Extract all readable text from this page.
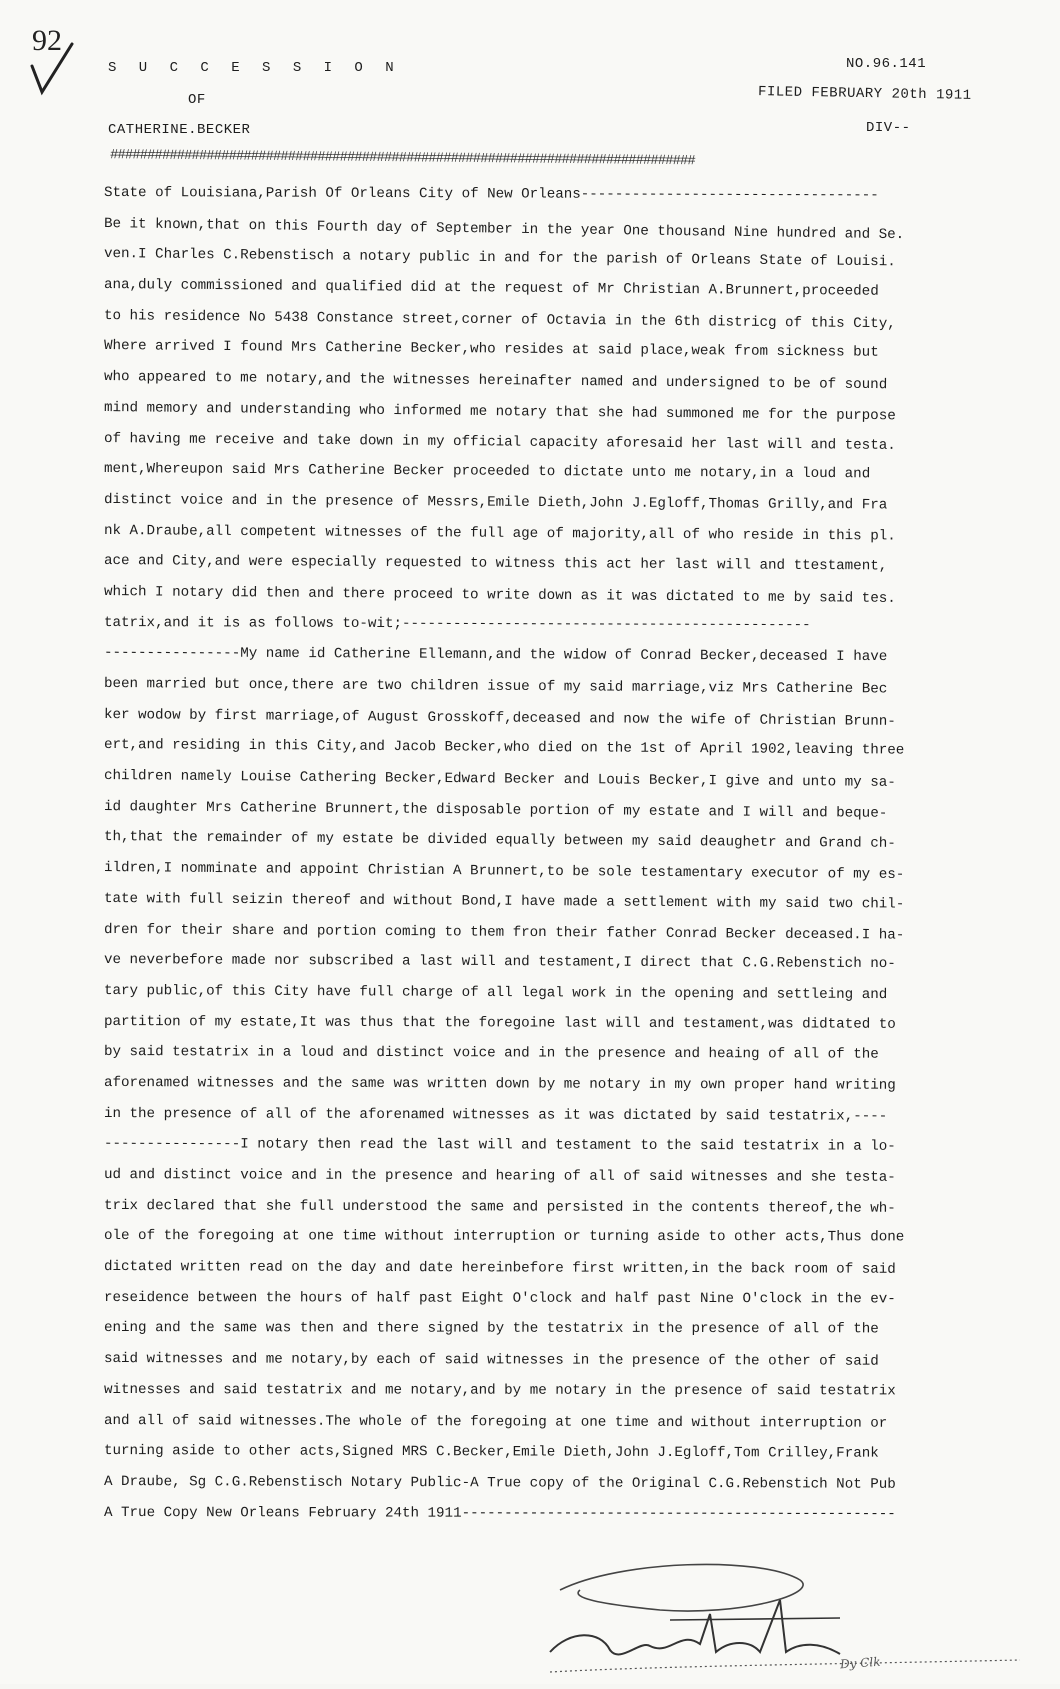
92
S U C C E S S I O N
OF
CATHERINE.BECKER
NO.96.141
FILED FEBRUARY 20th 1911
DIV--
###############################################################################
State of Louisiana,Parish Of Orleans City of New Orleans-----------------------------------
Be it known,that on this Fourth day of September in the year One thousand Nine hundred and Se.
ven.I Charles C.Rebenstisch a notary public in and for the parish of Orleans State of Louisi.
ana,duly commissioned and qualified did at the request of Mr Christian A.Brunnert,proceeded
to his residence No 5438 Constance street,corner of Octavia in the 6th districg of this City,
Where arrived I found Mrs Catherine Becker,who resides at said place,weak from sickness but
who appeared to me notary,and the witnesses hereinafter named and undersigned to be of sound
mind memory and understanding who informed me notary that she had summoned me for the purpose
of having me receive and take down in my official capacity aforesaid her last will and testa.
ment,Whereupon said Mrs Catherine Becker proceeded to dictate unto me notary,in a loud and
distinct voice and in the presence of Messrs,Emile Dieth,John J.Egloff,Thomas Grilly,and Fra
nk A.Draube,all competent witnesses of the full age of majority,all of who reside in this pl.
ace and City,and were especially requested to witness this act her last will and ttestament,
which I notary did then and there proceed to write down as it was dictated to me by said tes.
tatrix,and it is as follows to-wit;------------------------------------------------
----------------My name id Catherine Ellemann,and the widow of Conrad Becker,deceased I have
been married but once,there are two children issue of my said marriage,viz Mrs Catherine Bec
ker wodow by first marriage,of August Grosskoff,deceased and now the wife of Christian Brunn-
ert,and residing in this City,and Jacob Becker,who died on the 1st of April 1902,leaving three
children namely Louise Cathering Becker,Edward Becker and Louis Becker,I give and unto my sa-
id daughter Mrs Catherine Brunnert,the disposable portion of my estate and I will and beque-
th,that the remainder of my estate be divided equally between my said deaughetr and Grand ch-
ildren,I nomminate and appoint Christian A Brunnert,to be sole testamentary executor of my es-
tate with full seizin thereof and without Bond,I have made a settlement with my said two chil-
dren for their share and portion coming to them fron their father Conrad Becker deceased.I ha-
ve neverbefore made nor subscribed a last will and testament,I direct that C.G.Rebenstich no-
tary public,of this City have full charge of all legal work in the opening and settleing and
partition of my estate,It was thus that the foregoine last will and testament,was didtated to
by said testatrix in a loud and distinct voice and in the presence and heaing of all of the
aforenamed witnesses and the same was written down by me notary in my own proper hand writing
in the presence of all of the aforenamed witnesses as it was dictated by said testatrix,----
----------------I notary then read the last will and testament to the said testatrix in a lo-
ud and distinct voice and in the presence and hearing of all of said witnesses and she testa-
trix declared that she full understood the same and persisted in the contents thereof,the wh-
ole of the foregoing at one time without interruption or turning aside to other acts,Thus done
dictated written read on the day and date hereinbefore first written,in the back room of said
reseidence between the hours of half past Eight O'clock and half past Nine O'clock in the ev-
ening and the same was then and there signed by the testatrix in the presence of all of the
said witnesses and me notary,by each of said witnesses in the presence of the other of said
witnesses and said testatrix and me notary,and by me notary in the presence of said testatrix
and all of said witnesses.The whole of the foregoing at one time and without interruption or
turning aside to other acts,Signed MRS C.Becker,Emile Dieth,John J.Egloff,Tom Crilley,Frank
A Draube, Sg C.G.Rebenstisch Notary Public-A True copy of the Original C.G.Rebenstich Not Pub
A True Copy New Orleans February 24th 1911---------------------------------------------------
Dy Clk
